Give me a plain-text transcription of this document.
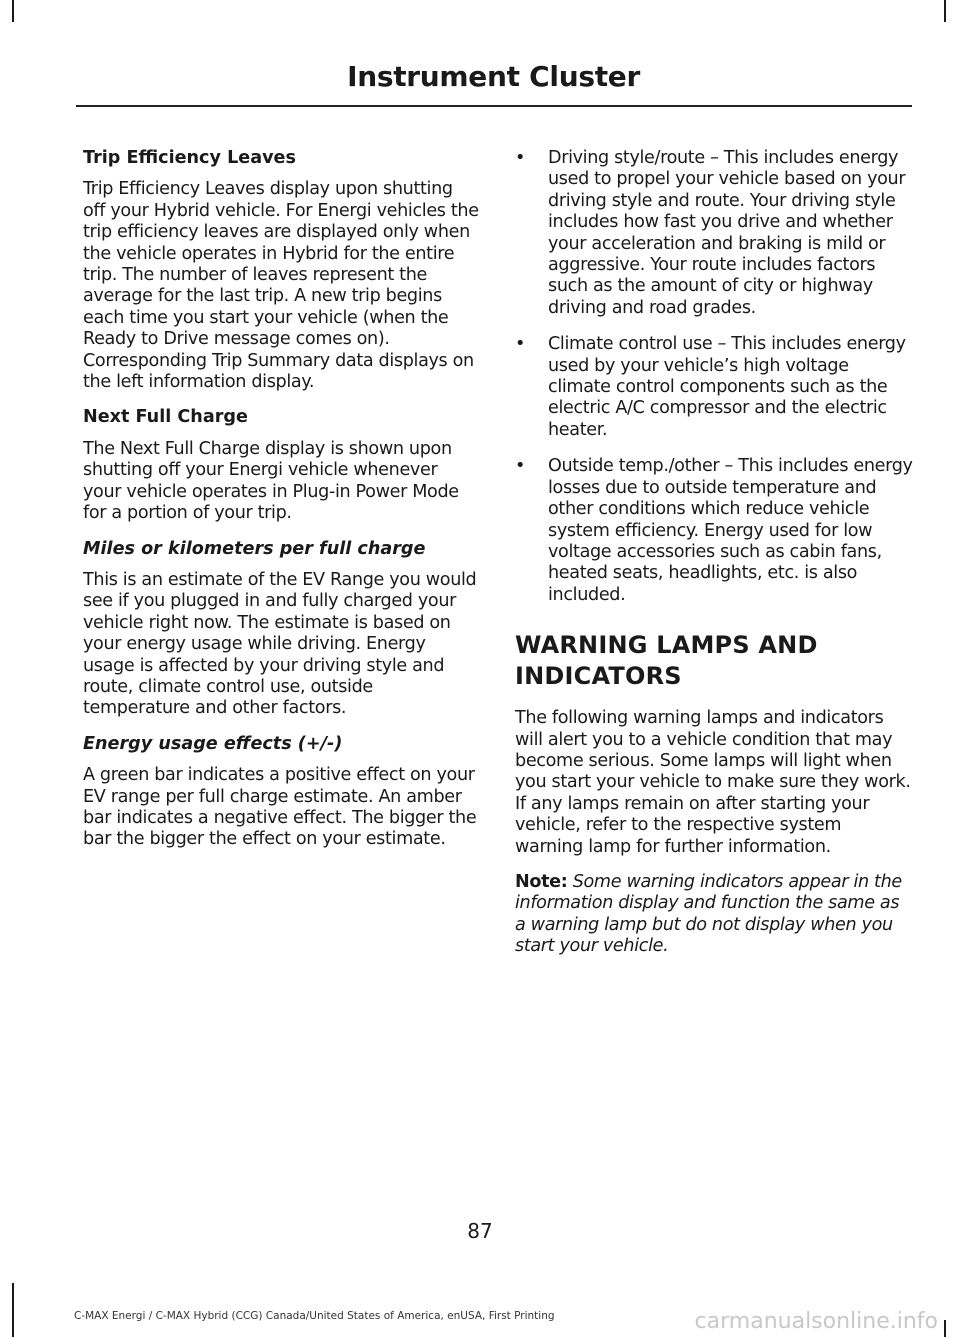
Instrument Cluster
Trip Efficiency Leaves

Trip Efficiency Leaves display upon shutting off your Hybrid vehicle. For Energi vehicles the trip efficiency leaves are displayed only when the vehicle operates in Hybrid for the entire trip. The number of leaves represent the average for the last trip. A new trip begins each time you start your vehicle (when the Ready to Drive message comes on). Corresponding Trip Summary data displays on the left information display.

Next Full Charge

The Next Full Charge display is shown upon shutting off your Energi vehicle whenever your vehicle operates in Plug-in Power Mode for a portion of your trip.

Miles or kilometers per full charge

This is an estimate of the EV Range you would see if you plugged in and fully charged your vehicle right now. The estimate is based on your energy usage while driving. Energy usage is affected by your driving style and route, climate control use, outside temperature and other factors.

Energy usage effects (+/-)

A green bar indicates a positive effect on your EV range per full charge estimate. An amber bar indicates a negative effect. The bigger the bar the bigger the effect on your estimate.

• Driving style/route – This includes energy used to propel your vehicle based on your driving style and route. Your driving style includes how fast you drive and whether your acceleration and braking is mild or aggressive. Your route includes factors such as the amount of city or highway driving and road grades.
• Climate control use – This includes energy used by your vehicle’s high voltage climate control components such as the electric A/C compressor and the electric heater.
• Outside temp./other – This includes energy losses due to outside temperature and other conditions which reduce vehicle system efficiency. Energy used for low voltage accessories such as cabin fans, heated seats, headlights, etc. is also included.
WARNING LAMPS AND
INDICATORS

The following warning lamps and indicators will alert you to a vehicle condition that may become serious. Some lamps will light when you start your vehicle to make sure they work. If any lamps remain on after starting your vehicle, refer to the respective system warning lamp for further information.

Note: Some warning indicators appear in the information display and function the same as a warning lamp but do not display when you start your vehicle.

87
C-MAX Energi / C-MAX Hybrid (CCG) Canada/United States of America, enUSA, First Printing	carmanualsonline.info
